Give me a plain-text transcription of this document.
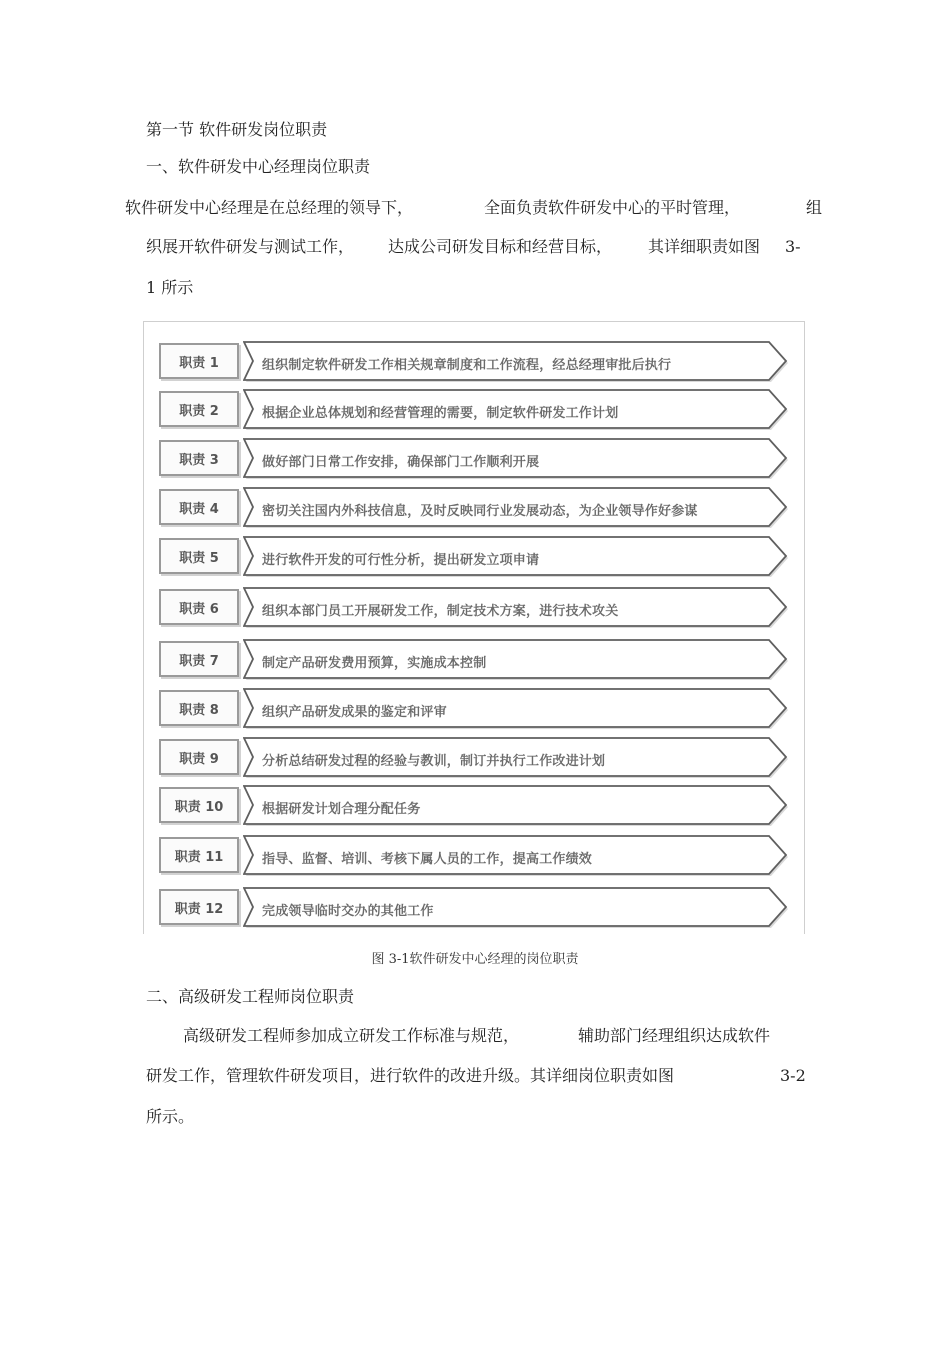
第一节 软件研发岗位职责
一、软件研发中心经理岗位职责
软件研发中心经理是在总经理的领导下，	全面负责软件研发中心的平时管理，	组
织展开软件研发与测试工作， 达成公司研发目标和经营目标， 其详细职责如图 3-
1 所示
职责 1	组织制定软件研发工作相关规章制度和工作流程，经总经理审批后执行
职责 2	根据企业总体规划和经营管理的需要，制定软件研发工作计划
职责 3	做好部门日常工作安排，确保部门工作顺利开展
职责 4	密切关注国内外科技信息，及时反映同行业发展动态，为企业领导作好参谋
职责 5	进行软件开发的可行性分析，提出研发立项申请
职责 6	组织本部门员工开展研发工作，制定技术方案，进行技术攻关
职责 7	制定产品研发费用预算，实施成本控制
职责 8	组织产品研发成果的鉴定和评审
职责 9	分析总结研发过程的经验与教训，制订并执行工作改进计划
职责 10	根据研发计划合理分配任务
职责 11	指导、监督、培训、考核下属人员的工作，提高工作绩效
职责 12	完成领导临时交办的其他工作
图 3-1软件研发中心经理的岗位职责
二、高级研发工程师岗位职责
高级研发工程师参加成立研发工作标准与规范，	辅助部门经理组织达成软件
研发工作，管理软件研发项目，进行软件的改进升级。其详细岗位职责如图	3-2
所示。
